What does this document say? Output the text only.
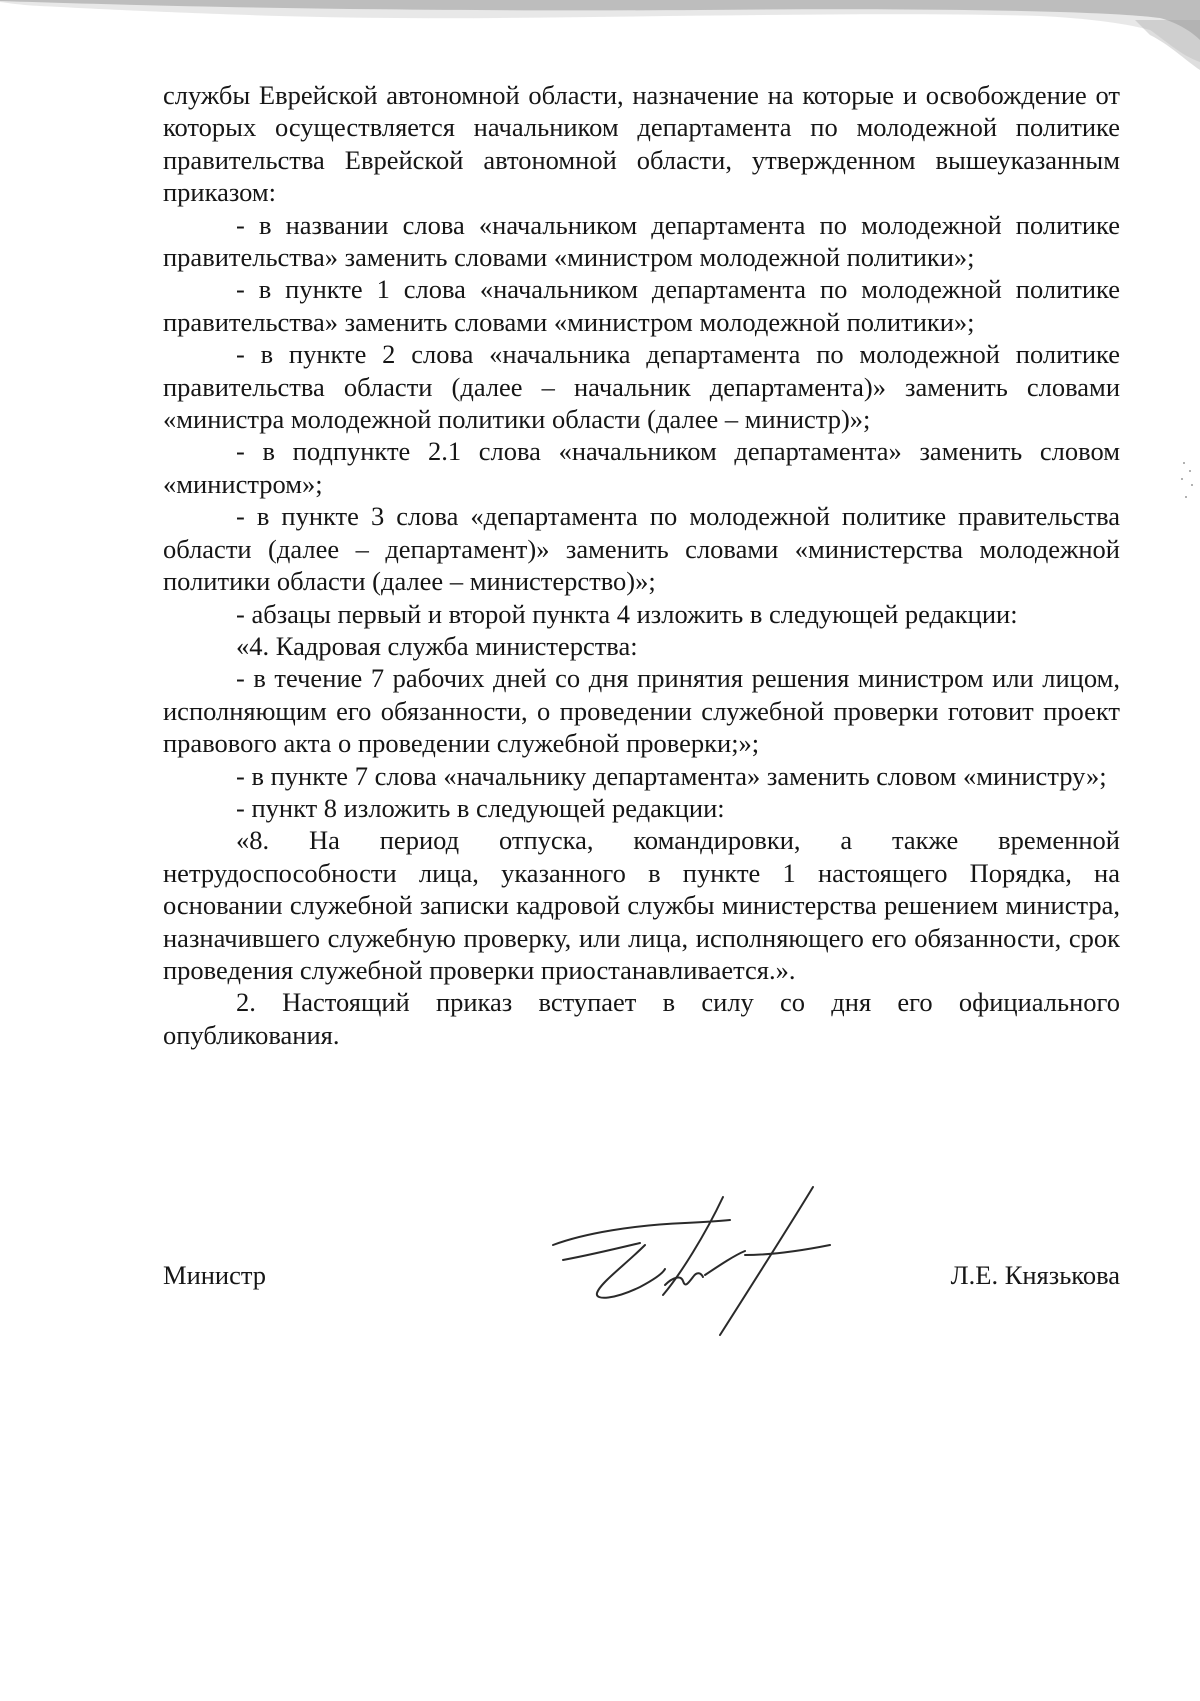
службы Еврейской автономной области, назначение на которые и освобождение от которых осуществляется начальником департамента по молодежной политике правительства Еврейской автономной области, утвержденном вышеуказанным приказом:

- в названии слова «начальником департамента по молодежной политике правительства» заменить словами «министром молодежной политики»;

- в пункте 1 слова «начальником департамента по молодежной политике правительства» заменить словами «министром молодежной политики»;

- в пункте 2 слова «начальника департамента по молодежной политике правительства области (далее – начальник департамента)» заменить словами «министра молодежной политики области (далее – министр)»;

- в подпункте 2.1 слова «начальником департамента» заменить словом «министром»;

- в пункте 3 слова «департамента по молодежной политике правительства области (далее – департамент)» заменить словами «министерства молодежной политики области (далее – министерство)»;

- абзацы первый и второй пункта 4 изложить в следующей редакции:

«4. Кадровая служба министерства:

- в течение 7 рабочих дней со дня принятия решения министром или лицом, исполняющим его обязанности, о проведении служебной проверки готовит проект правового акта о проведении служебной проверки;»;

- в пункте 7 слова «начальнику департамента» заменить словом «министру»;

- пункт 8 изложить в следующей редакции:

«8. На период отпуска, командировки, а также временной нетрудоспособности лица, указанного в пункте 1 настоящего Порядка, на основании служебной записки кадровой службы министерства решением министра, назначившего служебную проверку, или лица, исполняющего его обязанности, срок проведения служебной проверки приостанавливается.».

2. Настоящий приказ вступает в силу со дня его официального опубликования.

Министр	Л.Е. Князькова
